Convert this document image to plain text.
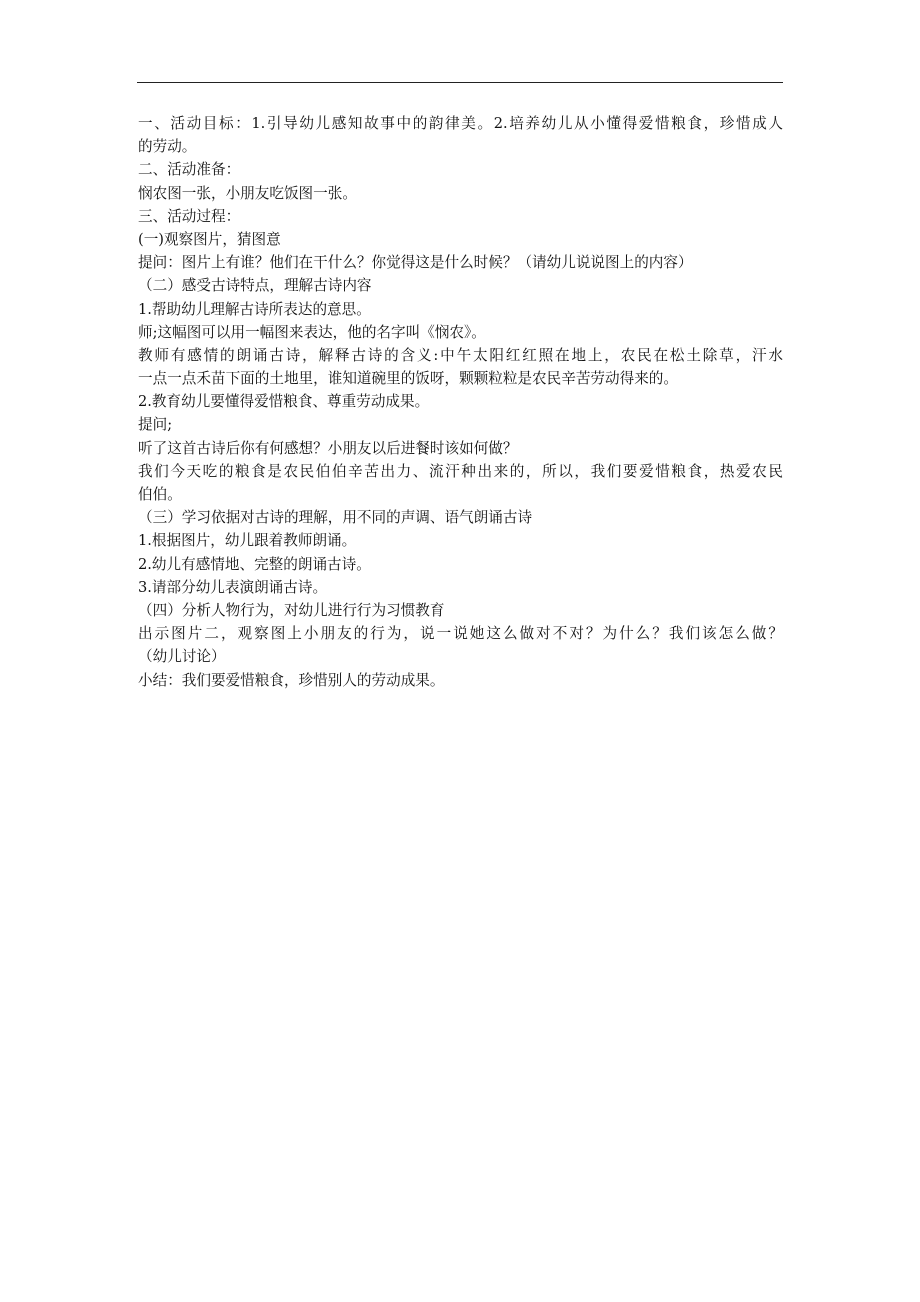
一、活动目标：1.引导幼儿感知故事中的韵律美。2.培养幼儿从小懂得爱惜粮食，珍惜成人
的劳动。
二、活动准备：
悯农图一张，小朋友吃饭图一张。
三、活动过程：
(一)观察图片，猜图意
提问：图片上有谁？他们在干什么？你觉得这是什么时候？（请幼儿说说图上的内容）
（二）感受古诗特点，理解古诗内容
1.帮助幼儿理解古诗所表达的意思。
师;这幅图可以用一幅图来表达，他的名字叫《悯农》。
教师有感情的朗诵古诗，解释古诗的含义:中午太阳红红照在地上，农民在松土除草，汗水
一点一点禾苗下面的土地里，谁知道碗里的饭呀，颗颗粒粒是农民辛苦劳动得来的。
2.教育幼儿要懂得爱惜粮食、尊重劳动成果。
提问;
听了这首古诗后你有何感想？小朋友以后进餐时该如何做？
我们今天吃的粮食是农民伯伯辛苦出力、流汗种出来的，所以，我们要爱惜粮食，热爱农民
伯伯。
（三）学习依据对古诗的理解，用不同的声调、语气朗诵古诗
1.根据图片，幼儿跟着教师朗诵。
2.幼儿有感情地、完整的朗诵古诗。
3.请部分幼儿表演朗诵古诗。
（四）分析人物行为，对幼儿进行行为习惯教育
出示图片二，观察图上小朋友的行为，说一说她这么做对不对？为什么？我们该怎么做？
（幼儿讨论）
小结：我们要爱惜粮食，珍惜别人的劳动成果。
